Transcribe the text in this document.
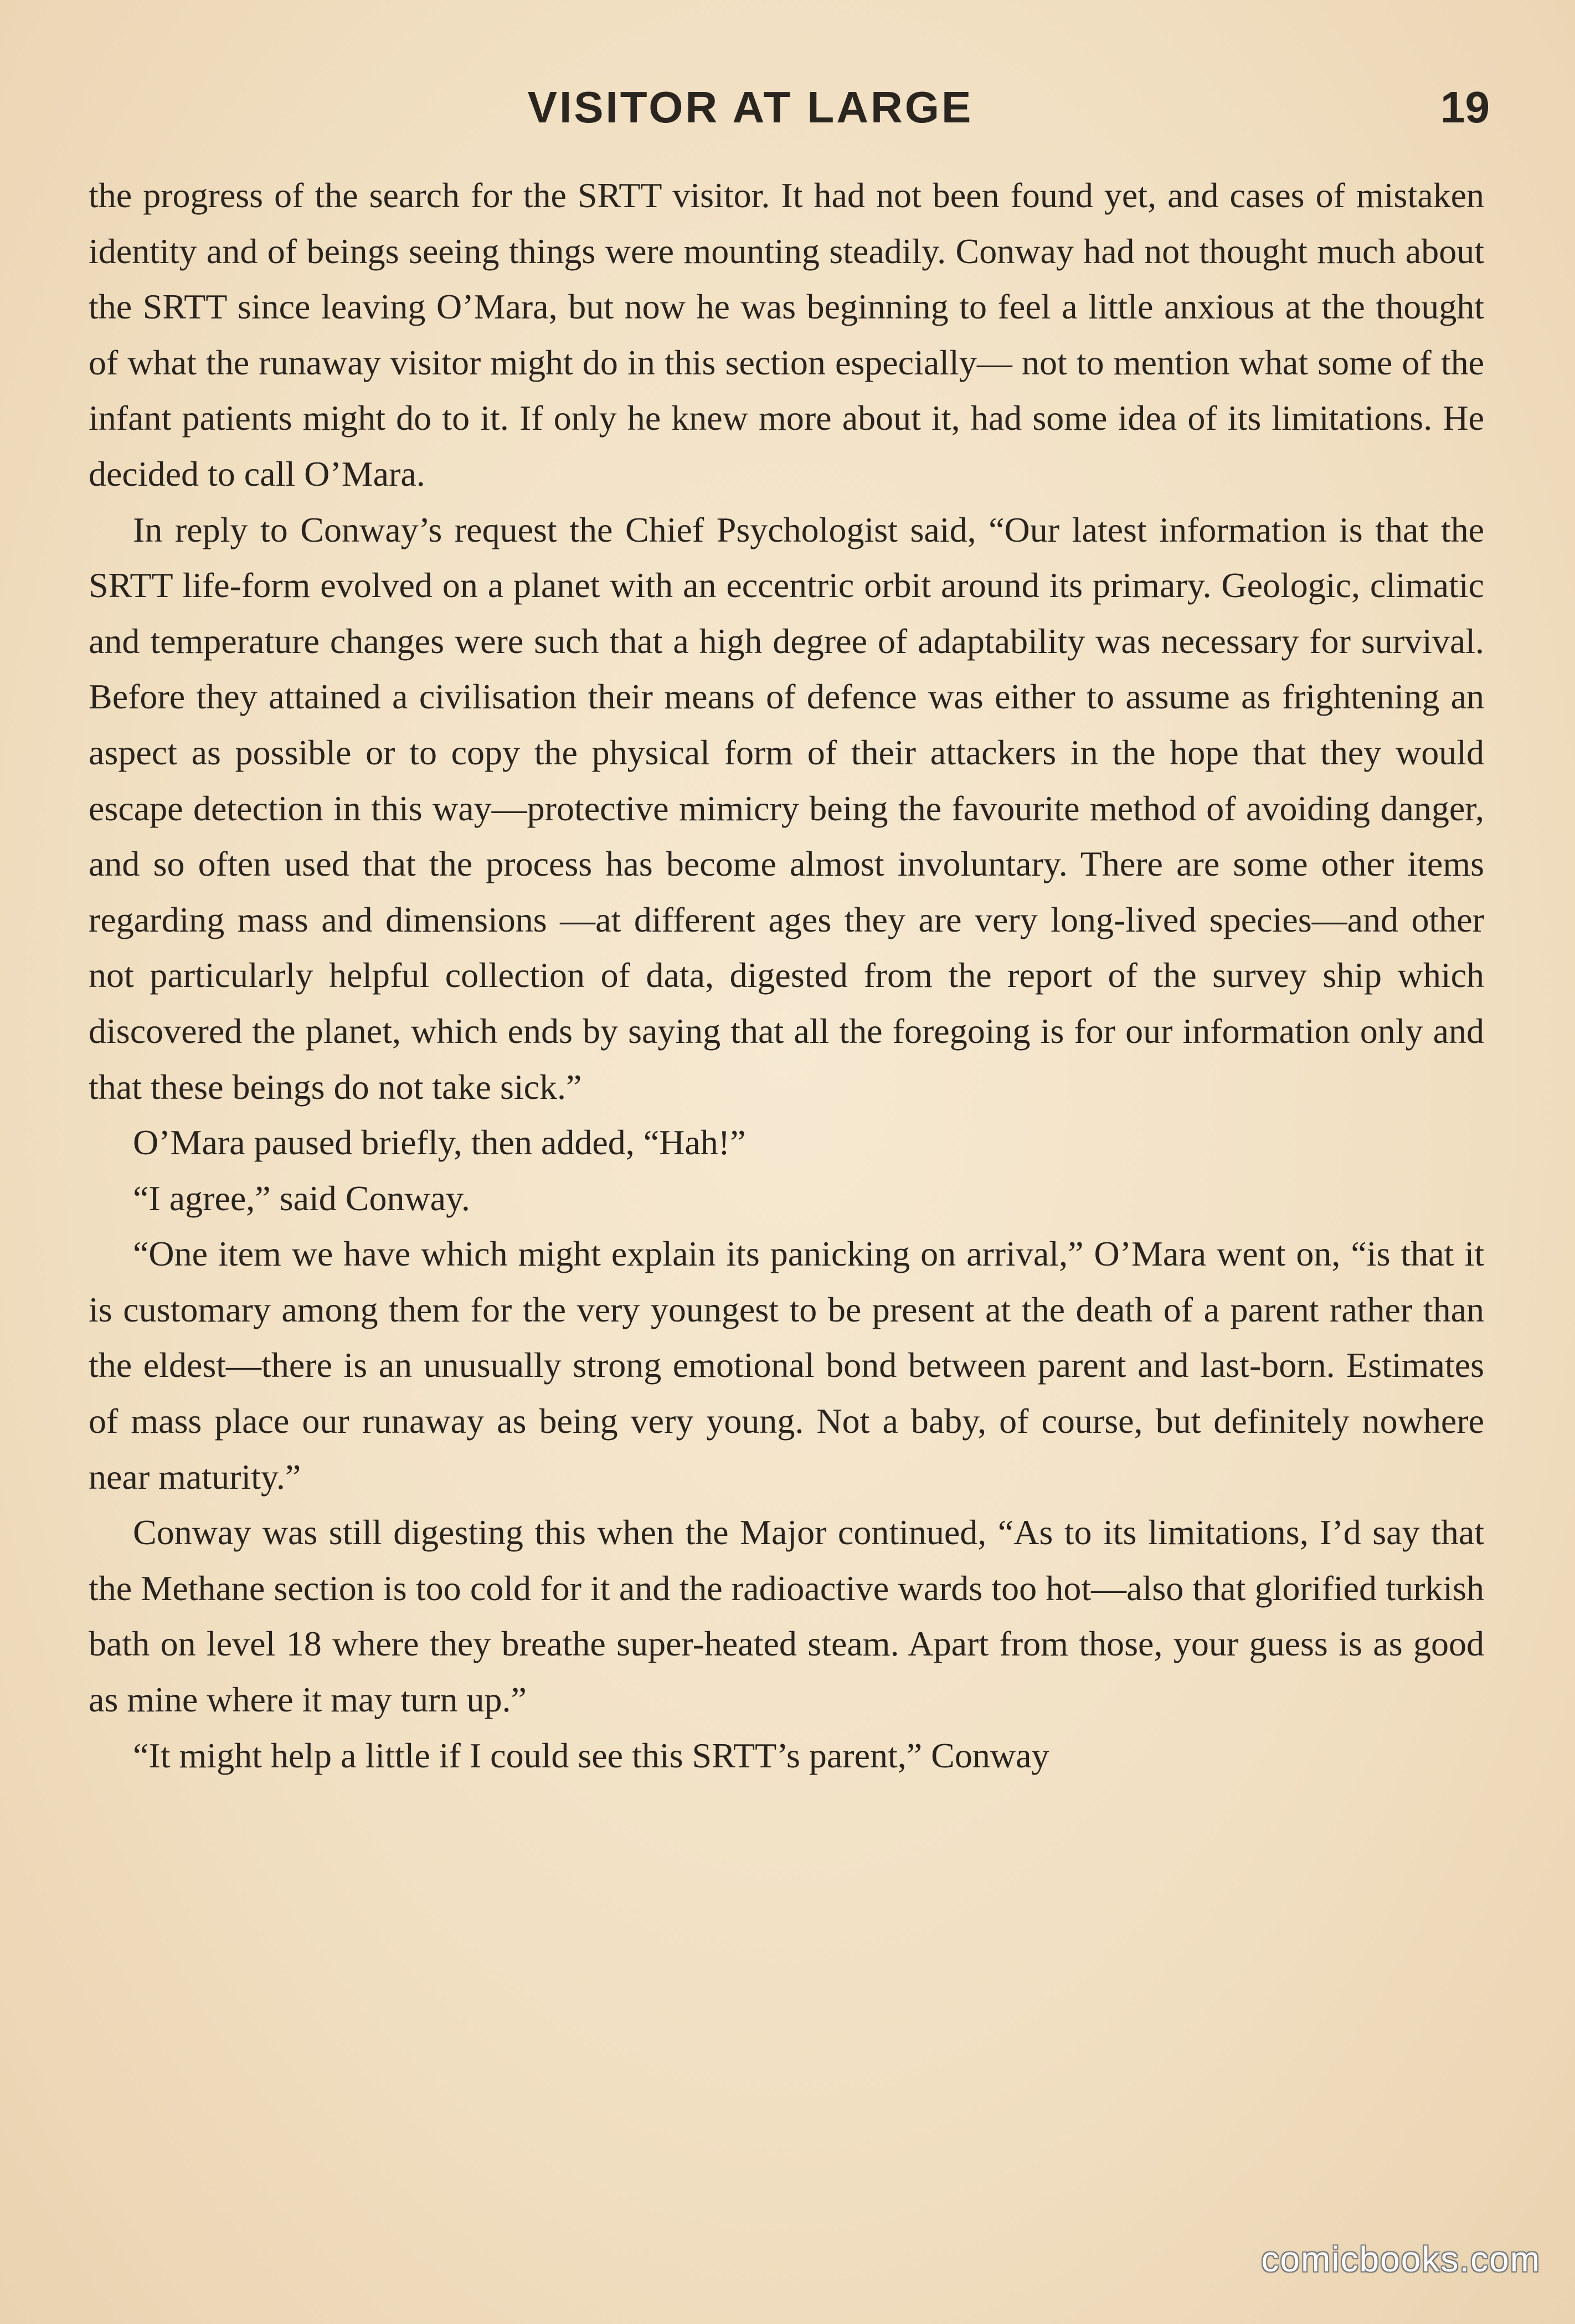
VISITOR AT LARGE	19

the progress of the search for the SRTT visitor. It had not been found yet, and cases of mistaken identity and of beings seeing things were mounting steadily. Conway had not thought much about the SRTT since leaving O’Mara, but now he was beginning to feel a little anxious at the thought of what the runaway visitor might do in this section especially— not to mention what some of the infant patients might do to it. If only he knew more about it, had some idea of its limitations. He decided to call O’Mara.

In reply to Conway’s request the Chief Psychologist said, “Our latest information is that the SRTT life-form evolved on a planet with an eccentric orbit around its primary. Geologic, climatic and temperature changes were such that a high degree of adaptability was necessary for survival. Before they attained a civilisation their means of defence was either to assume as frightening an aspect as possible or to copy the physical form of their attackers in the hope that they would escape detection in this way—protective mimicry being the favourite method of avoiding danger, and so often used that the process has become almost involuntary. There are some other items regarding mass and dimensions —at different ages they are very long-lived species—and other not particularly helpful collection of data, digested from the report of the survey ship which discovered the planet, which ends by saying that all the foregoing is for our information only and that these beings do not take sick.”

O’Mara paused briefly, then added, “Hah!”

“I agree,” said Conway.

“One item we have which might explain its panicking on arrival,” O’Mara went on, “is that it is customary among them for the very youngest to be present at the death of a parent rather than the eldest—there is an unusually strong emotional bond between parent and last-born. Estimates of mass place our runaway as being very young. Not a baby, of course, but definitely nowhere near maturity.”

Conway was still digesting this when the Major continued, “As to its limitations, I’d say that the Methane section is too cold for it and the radioactive wards too hot—also that glorified turkish bath on level 18 where they breathe super-heated steam. Apart from those, your guess is as good as mine where it may turn up.”

“It might help a little if I could see this SRTT’s parent,” Conway

comicbooks.com
